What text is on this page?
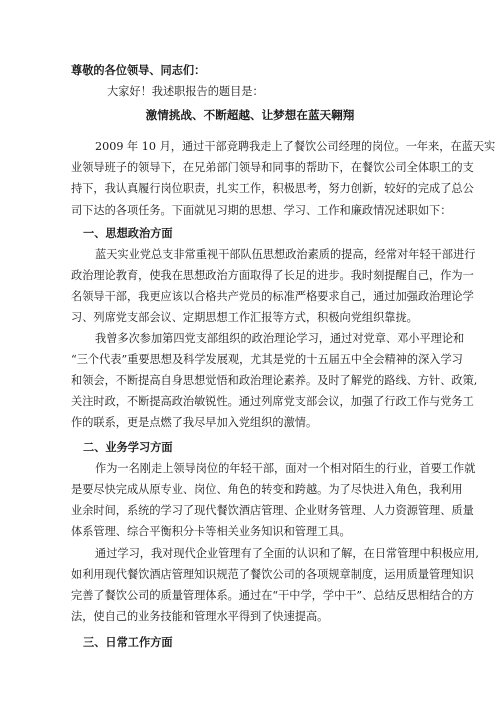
尊敬的各位领导、同志们：
大家好！我述职报告的题目是：
激情挑战、不断超越、让梦想在蓝天翱翔
2009 年 10 月，通过干部竞聘我走上了餐饮公司经理的岗位。一年来，在蓝天实
业领导班子的领导下，在兄弟部门领导和同事的帮助下，在餐饮公司全体职工的支
持下，我认真履行岗位职责，扎实工作，积极思考，努力创新，较好的完成了总公
司下达的各项任务。下面就见习期的思想、学习、工作和廉政情况述职如下：
一、思想政治方面
蓝天实业党总支非常重视干部队伍思想政治素质的提高，经常对年轻干部进行
政治理论教育，使我在思想政治方面取得了长足的进步。我时刻提醒自己，作为一
名领导干部，我更应该以合格共产党员的标准严格要求自己，通过加强政治理论学
习、列席党支部会议、定期思想工作汇报等方式，积极向党组织靠拢。
我曾多次参加第四党支部组织的政治理论学习，通过对党章、邓小平理论和
“三个代表”重要思想及科学发展观，尤其是党的十五届五中全会精神的深入学习
和领会，不断提高自身思想觉悟和政治理论素养。及时了解党的路线、方针、政策,
关注时政，不断提高政治敏锐性。通过列席党支部会议，加强了行政工作与党务工
作的联系，更是点燃了我尽早加入党组织的激情。
二、业务学习方面
作为一名刚走上领导岗位的年轻干部，面对一个相对陌生的行业，首要工作就
是要尽快完成从原专业、岗位、角色的转变和跨越。为了尽快进入角色，我利用
业余时间，系统的学习了现代餐饮酒店管理、企业财务管理、人力资源管理、质量
体系管理、综合平衡积分卡等相关业务知识和管理工具。
通过学习，我对现代企业管理有了全面的认识和了解，在日常管理中积极应用,
如利用现代餐饮酒店管理知识规范了餐饮公司的各项规章制度，运用质量管理知识
完善了餐饮公司的质量管理体系。通过在“干中学，学中干”、总结反思相结合的方
法，使自己的业务技能和管理水平得到了快速提高。
三、日常工作方面
